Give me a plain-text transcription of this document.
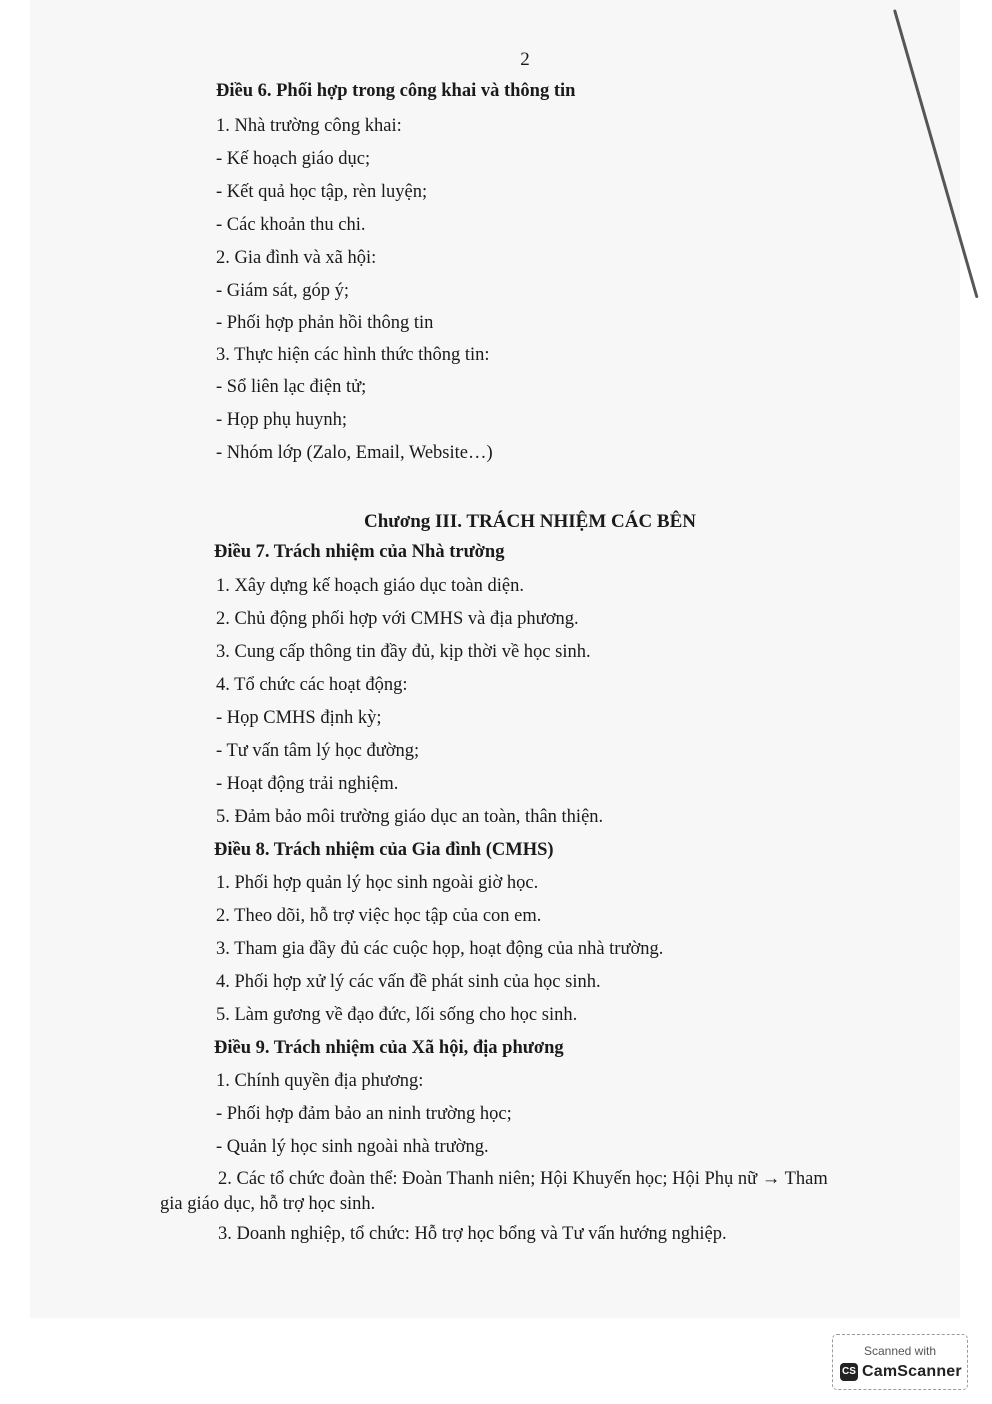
2
Điều 6. Phối hợp trong công khai và thông tin
1. Nhà trường công khai:
- Kế hoạch giáo dục;
- Kết quả học tập, rèn luyện;
- Các khoản thu chi.
2. Gia đình và xã hội:
- Giám sát, góp ý;
- Phối hợp phản hồi thông tin
3. Thực hiện các hình thức thông tin:
- Sổ liên lạc điện tử;
- Họp phụ huynh;
- Nhóm lớp (Zalo, Email, Website…)
Chương III. TRÁCH NHIỆM CÁC BÊN
Điều 7. Trách nhiệm của Nhà trường
1. Xây dựng kế hoạch giáo dục toàn diện.
2. Chủ động phối hợp với CMHS và địa phương.
3. Cung cấp thông tin đầy đủ, kịp thời về học sinh.
4. Tổ chức các hoạt động:
- Họp CMHS định kỳ;
- Tư vấn tâm lý học đường;
- Hoạt động trải nghiệm.
5. Đảm bảo môi trường giáo dục an toàn, thân thiện.
Điều 8. Trách nhiệm của Gia đình (CMHS)
1. Phối hợp quản lý học sinh ngoài giờ học.
2. Theo dõi, hỗ trợ việc học tập của con em.
3. Tham gia đầy đủ các cuộc họp, hoạt động của nhà trường.
4. Phối hợp xử lý các vấn đề phát sinh của học sinh.
5. Làm gương về đạo đức, lối sống cho học sinh.
Điều 9. Trách nhiệm của Xã hội, địa phương
1. Chính quyền địa phương:
- Phối hợp đảm bảo an ninh trường học;
- Quản lý học sinh ngoài nhà trường.
2. Các tổ chức đoàn thể: Đoàn Thanh niên; Hội Khuyến học; Hội Phụ nữ → Tham
gia giáo dục, hỗ trợ học sinh.
3. Doanh nghiệp, tổ chức: Hỗ trợ học bổng và Tư vấn hướng nghiệp.
Scanned with
CS CamScanner
